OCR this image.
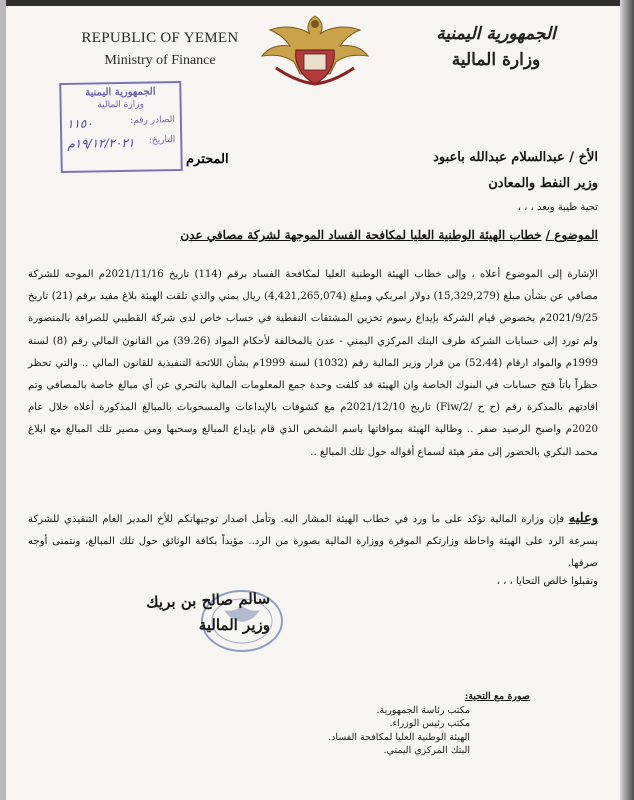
REPUBLIC OF YEMEN
Ministry of Finance
الجمهورية اليمنية
وزارة المالية
الجمهورية اليمنية
وزارة المالية
الصادر رقم:
١١٥٠
التاريخ:
١٩/١٢/٢٠٢١م
الأخ / عبدالسلام عبدالله باعبود
المحترم
وزير النفط والمعادن
تحية طيبة وبعد ، ، ،
الموضوع / خطاب الهيئة الوطنية العليا لمكافحة الفساد الموجهة لشركة مصافي عدن
الإشارة إلى الموضوع أعلاه ، وإلى خطاب الهيئة الوطنية العليا لمكافحة الفساد برقم (114) تاريخ 2021/11/16م الموجه للشركة مصافي عن بشأن مبلغ (15,329,279) دولار امريكي ومبلغ (4,421,265,074) ريال يمني والذي تلقت الهيئة بلاغ مفيد برقم (21) تاريخ 2021/9/25م بخصوص قيام الشركة بإيداع رسوم تخزين المشتقات النفطية في حساب خاص لدى شركة القطيبي للصرافة بالمنصورة ولم تورد إلى حسابات الشركة طرف البنك المركزي اليمني - عدن بالمخالفة لأحكام المواد (39.26) من القانون المالي رقم (8) لسنة 1999م والمواد ارقام (52،44) من قرار وزير المالية رقم (1032) لسنة 1999م بشأن اللائحة التنفيذية للقانون المالي .. والتي تحظر حظراً باتاً فتح حسابات في البنوك الخاصة وان الهيئة قد كلفت وحدة جمع المعلومات المالية بالتحري عن أي مبالغ خاصة بالمصافي وتم اقادتهم بالمذكرة رقم (ح ح /2/Fiw) تاريخ 2021/12/10م مع كشوفات بالإيداعات والمسحوبات بالمبالغ المذكورة أعلاه خلال عام 2020م واصبح الرصيد صفر .. وطالبة الهيئة بموافاتها باسم الشخص الذي قام بإيداع المبالغ وسحبها ومن مصير تلك المبالغ مع ابلاغ محمد البكري بالحضور إلى مقر هيئة لسماع أقواله حول تلك المبالغ ..
وعليه فإن وزارة المالية تؤكد على ما ورد في خطاب الهيئة المشار اليه. وتأمل اصدار توجيهاتكم للأخ المدير العام التنفيذي للشركة بسرعة الرد على الهيئة واحاطة وزارتكم الموقرة ووزارة المالية بصورة من الرد.. مؤيداً بكافة الوثائق حول تلك المبالغ، ونتمنى أوجه صرفها.
وتقبلوا خالص التحايا ، ، ،
سالم صالح بن بريك
وزير المالية
صورة مع التحية:
مكتب رئاسة الجمهورية.
مكتب رئيس الوزراء.
الهيئة الوطنية العليا لمكافحة الفساد.
البنك المركزي اليمني.
